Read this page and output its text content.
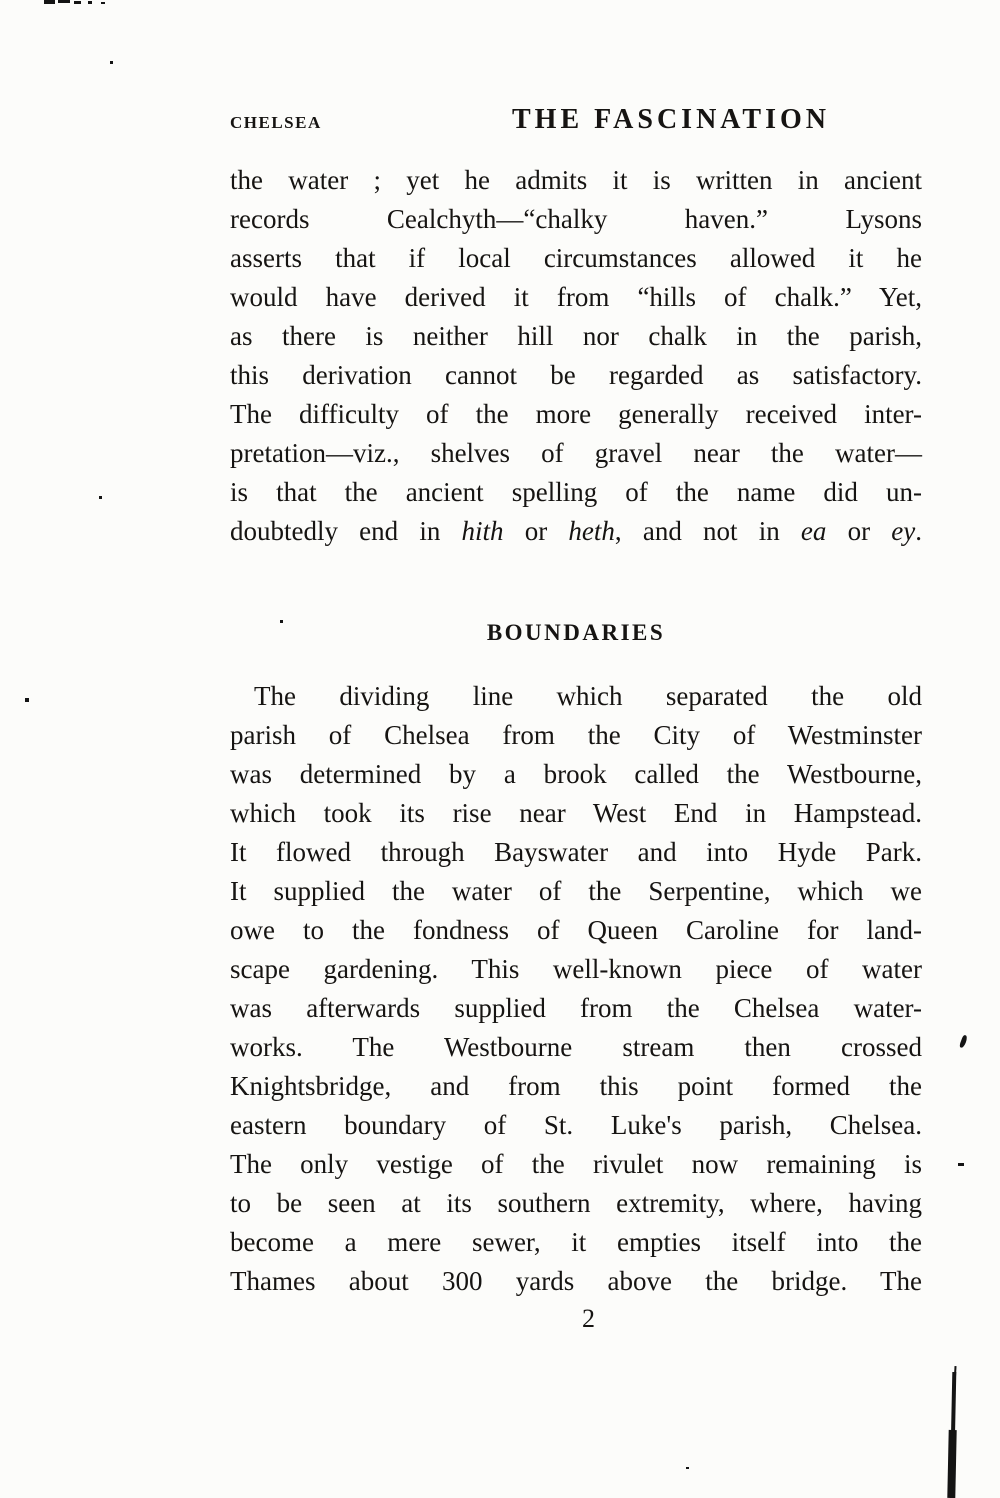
CHELSEA	THE FASCINATION
the water ; yet he admits it is written in ancient
records Cealchyth—“chalky haven.” Lysons
asserts that if local circumstances allowed it he
would have derived it from “hills of chalk.” Yet,
as there is neither hill nor chalk in the parish,
this derivation cannot be regarded as satisfactory.
The difficulty of the more generally received inter-
pretation—viz., shelves of gravel near the water—
is that the ancient spelling of the name did un-
doubtedly end in hith or heth, and not in ea or ey.
BOUNDARIES
The dividing line which separated the old
parish of Chelsea from the City of Westminster
was determined by a brook called the Westbourne,
which took its rise near West End in Hampstead.
It flowed through Bayswater and into Hyde Park.
It supplied the water of the Serpentine, which we
owe to the fondness of Queen Caroline for land-
scape gardening. This well-known piece of water
was afterwards supplied from the Chelsea water-
works. The Westbourne stream then crossed
Knightsbridge, and from this point formed the
eastern boundary of St. Luke's parish, Chelsea.
The only vestige of the rivulet now remaining is
to be seen at its southern extremity, where, having
become a mere sewer, it empties itself into the
Thames about 300 yards above the bridge. The
2
